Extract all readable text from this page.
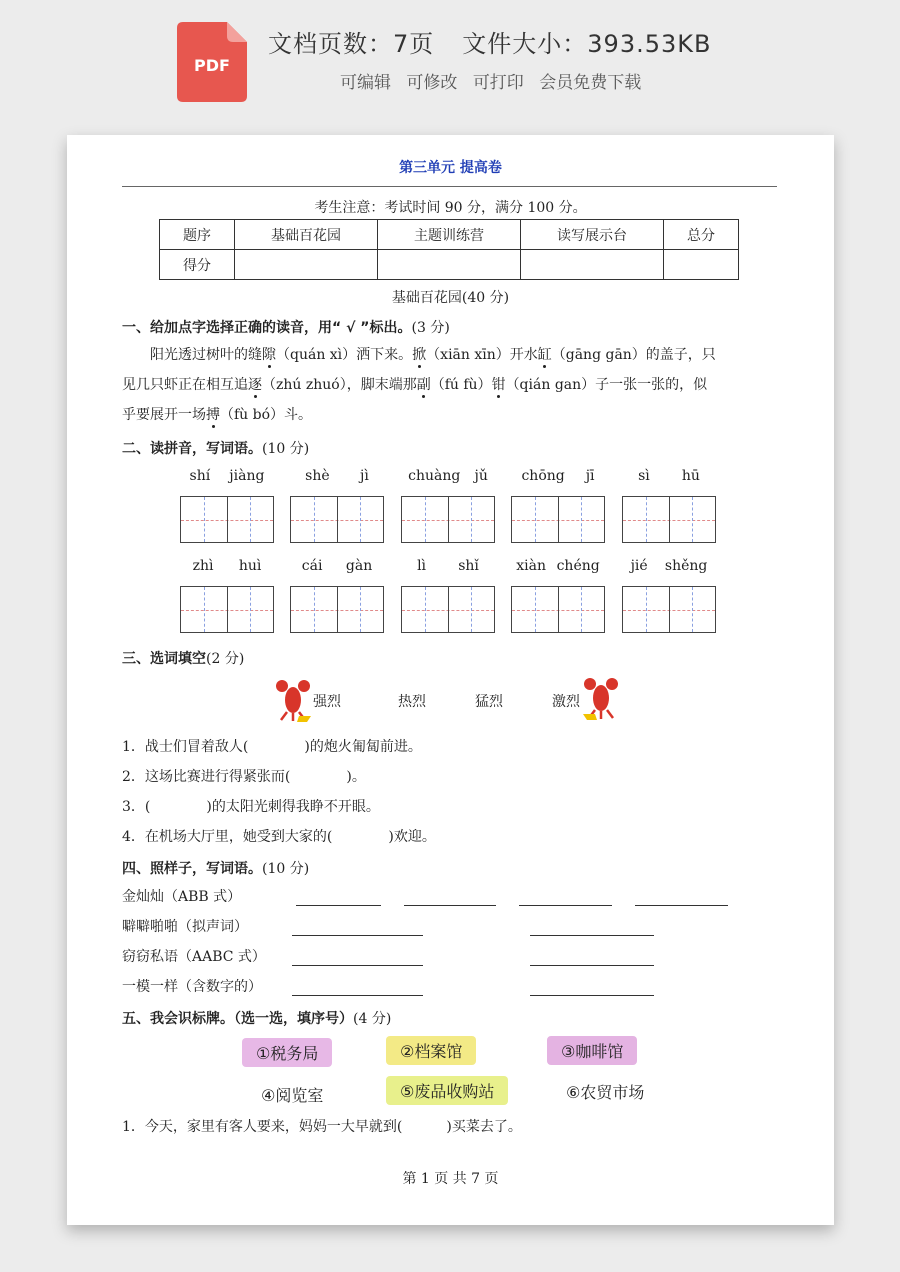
PDF
文档页数：7页 文件大小：393.53KB
可编辑 可修改 可打印 会员免费下载
第三单元 提高卷
考生注意：考试时间 90 分，满分 100 分。
题序	基础百花园	主题训练营	读写展示台	总分
得分				
基础百花园(40 分)
一、给加点字选择正确的读音，用“ √ ”标出。(3 分)
阳光透过树叶的缝隙（quán xì）洒下来。掀（xiān xīn）开水缸（gāng gān）的盖子，只
见几只虾正在相互追逐（zhú zhuó），脚末端那副（fú fù）钳（qián gan）子一张一张的，似
乎要展开一场搏（fù bó）斗。
二、读拼音，写词语。(10 分)
shí jiàng	shè jì	chuàng jǔ chōng jī	sì hū
zhì huì	cái gàn	lì shǐ	xiàn chéng jié shěng
三、选词填空(2 分)
强烈	热烈	猛烈	激烈
1．战士们冒着敌人(	)的炮火匍匐前进。
2．这场比赛进行得紧张而(	)。
3．(	)的太阳光刺得我睁不开眼。
4．在机场大厅里，她受到大家的(	)欢迎。
四、照样子，写词语。(10 分)
金灿灿（ABB 式）
噼噼啪啪（拟声词）
窃窃私语（AABC 式）
一模一样（含数字的）
五、我会识标牌。（选一选，填序号）(4 分)
①税务局	②档案馆	③咖啡馆
④阅览室	⑤废品收购站	⑥农贸市场
1．今天，家里有客人要来，妈妈一大早就到(	)买菜去了。
第 1 页 共 7 页
